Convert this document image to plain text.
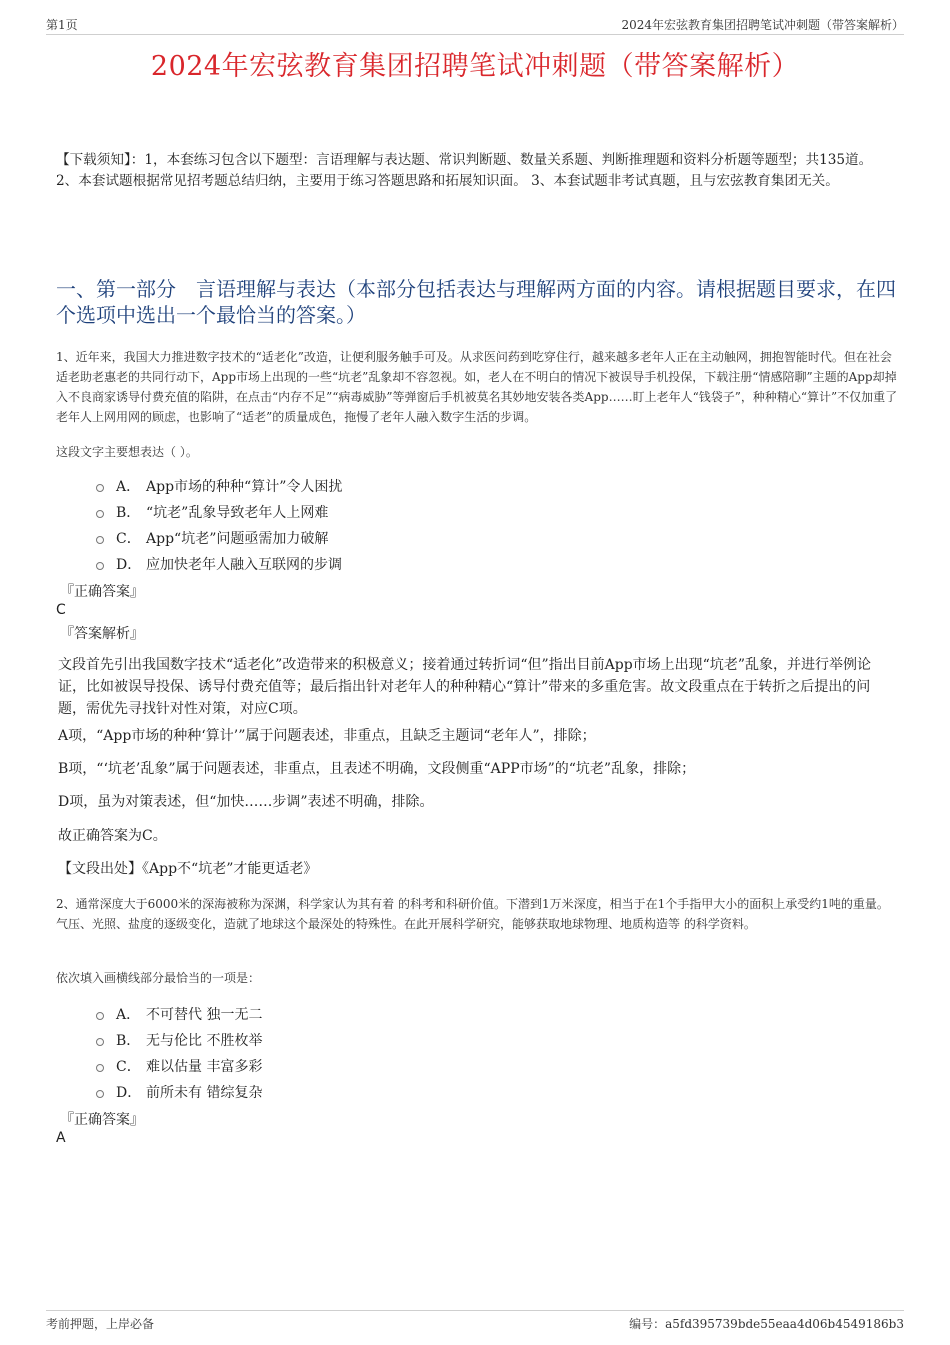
第1页	2024年宏弦教育集团招聘笔试冲刺题（带答案解析）
2024年宏弦教育集团招聘笔试冲刺题（带答案解析）

【下载须知】：1，本套练习包含以下题型：言语理解与表达题、常识判断题、数量关系题、判断推理题和资料分析题等题型；共135道。 2、本套试题根据常见招考题总结归纳，主要用于练习答题思路和拓展知识面。 3、本套试题非考试真题，且与宏弦教育集团无关。

一、第一部分　言语理解与表达（本部分包括表达与理解两方面的内容。请根据题目要求，在四个选项中选出一个最恰当的答案。）

1、近年来，我国大力推进数字技术的“适老化”改造，让便利服务触手可及。从求医问药到吃穿住行，越来越多老年人正在主动触网，拥抱智能时代。但在社会适老助老惠老的共同行动下，App市场上出现的一些“坑老”乱象却不容忽视。如，老人在不明白的情况下被误导手机投保，下载注册“情感陪聊”主题的App却掉入不良商家诱导付费充值的陷阱，在点击“内存不足”“病毒威胁”等弹窗后手机被莫名其妙地安装各类App……盯上老年人“钱袋子”，种种精心“算计”不仅加重了老年人上网用网的顾虑，也影响了“适老”的质量成色，拖慢了老年人融入数字生活的步调。

这段文字主要想表达（ ）。

A． App市场的种种“算计”令人困扰
B． “坑老”乱象导致老年人上网难
C． App“坑老”问题亟需加力破解
D． 应加快老年人融入互联网的步调
『正确答案』
C
『答案解析』

文段首先引出我国数字技术“适老化”改造带来的积极意义；接着通过转折词“但”指出目前App市场上出现“坑老”乱象，并进行举例论证，比如被误导投保、诱导付费充值等；最后指出针对老年人的种种精心“算计”带来的多重危害。故文段重点在于转折之后提出的问题，需优先寻找针对性对策，对应C项。

A项，“App市场的种种‘算计’”属于问题表述，非重点，且缺乏主题词“老年人”，排除；

B项，“‘坑老’乱象”属于问题表述，非重点，且表述不明确，文段侧重“APP市场”的“坑老”乱象，排除；

D项，虽为对策表述，但“加快……步调”表述不明确，排除。

故正确答案为C。

【文段出处】《App不“坑老”才能更适老》

2、通常深度大于6000米的深海被称为深渊，科学家认为其有着 的科考和科研价值。下潜到1万米深度，相当于在1个手指甲大小的面积上承受约1吨的重量。气压、光照、盐度的逐级变化，造就了地球这个最深处的特殊性。在此开展科学研究，能够获取地球物理、地质构造等 的科学资料。

依次填入画横线部分最恰当的一项是：

A． 不可替代 独一无二
B． 无与伦比 不胜枚举
C． 难以估量 丰富多彩
D． 前所未有 错综复杂
『正确答案』
A
考前押题，上岸必备	编号：a5fd395739bde55eaa4d06b4549186b3
